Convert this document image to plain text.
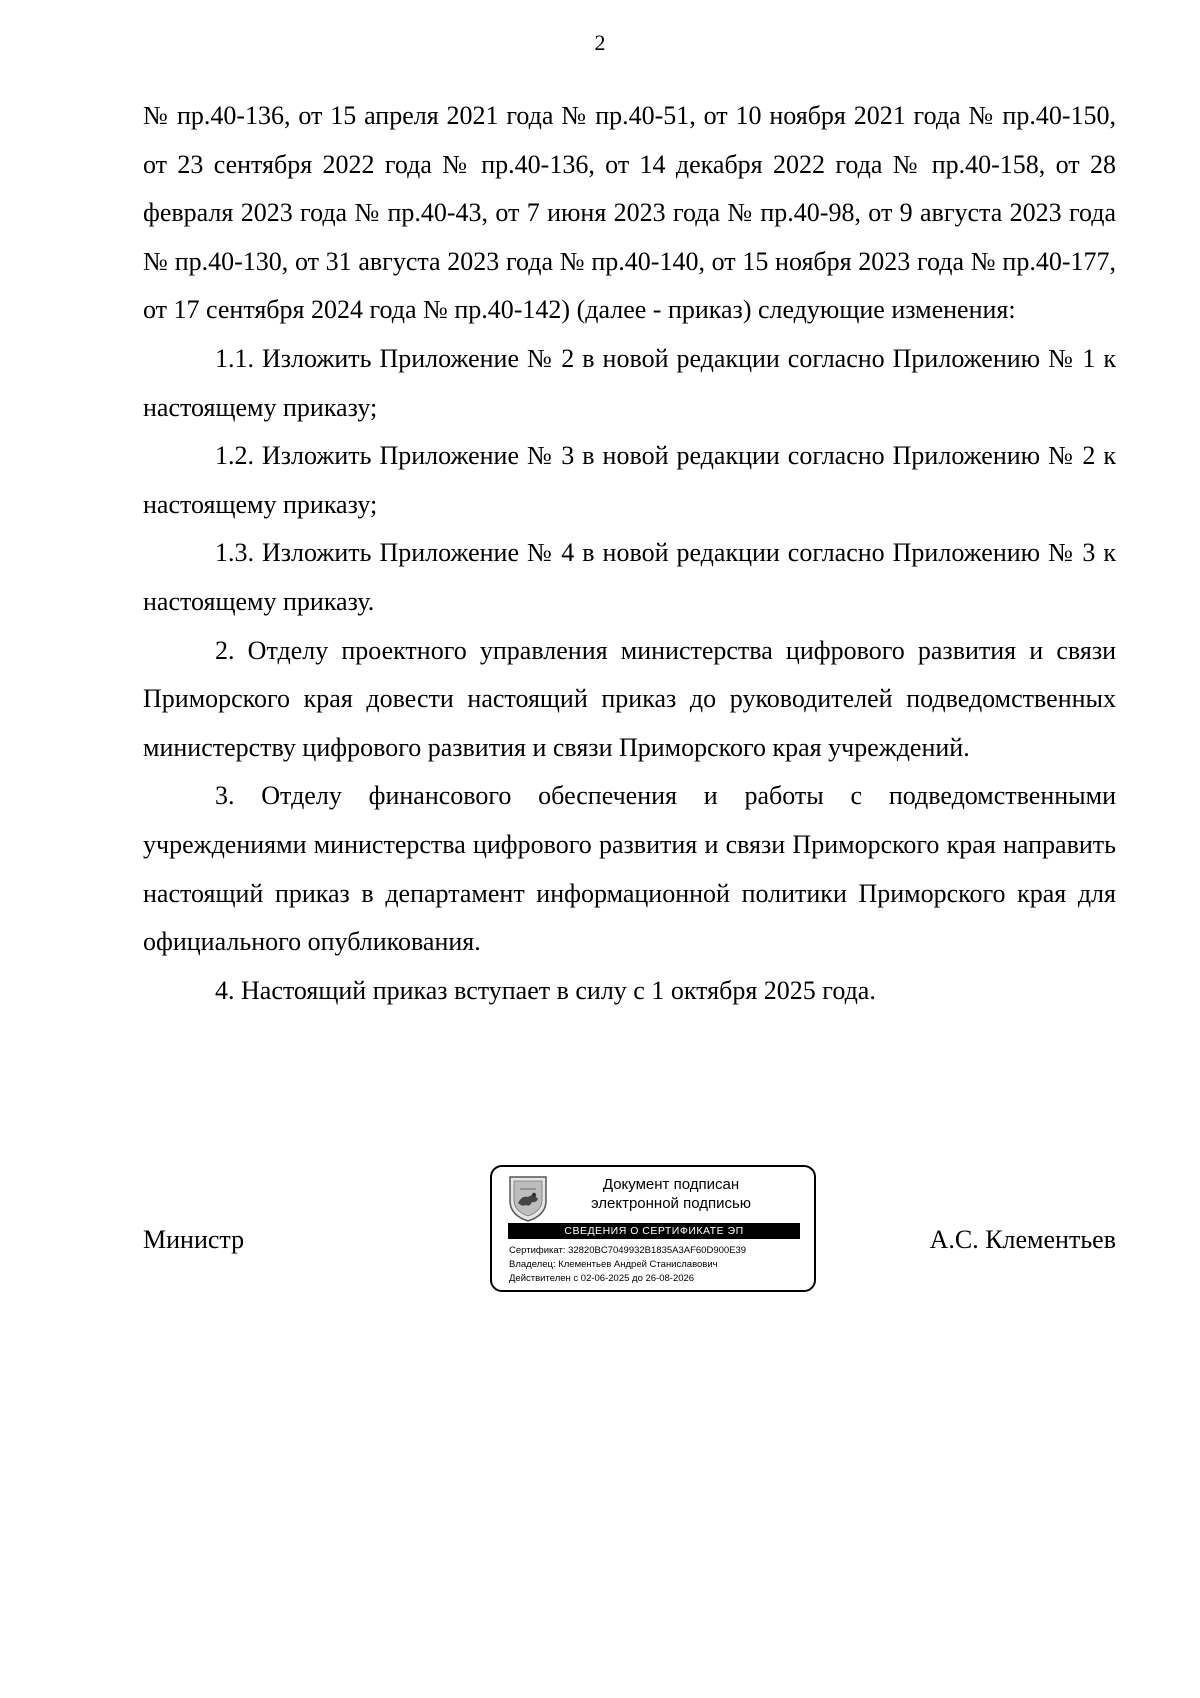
2

№ пр.40-136, от 15 апреля 2021 года № пр.40-51, от 10 ноября 2021 года № пр.40-150, от 23 сентября 2022 года № пр.40-136, от 14 декабря 2022 года № пр.40-158, от 28 февраля 2023 года № пр.40-43, от 7 июня 2023 года № пр.40-98, от 9 августа 2023 года № пр.40-130, от 31 августа 2023 года № пр.40-140, от 15 ноября 2023 года № пр.40-177, от 17 сентября 2024 года № пр.40-142) (далее - приказ) следующие изменения:

1.1. Изложить Приложение № 2 в новой редакции согласно Приложению № 1 к настоящему приказу;

1.2. Изложить Приложение № 3 в новой редакции согласно Приложению № 2 к настоящему приказу;

1.3. Изложить Приложение № 4 в новой редакции согласно Приложению № 3 к настоящему приказу.

2. Отделу проектного управления министерства цифрового развития и связи Приморского края довести настоящий приказ до руководителей подведомственных министерству цифрового развития и связи Приморского края учреждений.

3. Отделу финансового обеспечения и работы с подведомственными учреждениями министерства цифрового развития и связи Приморского края направить настоящий приказ в департамент информационной политики Приморского края для официального опубликования.

4. Настоящий приказ вступает в силу с 1 октября 2025 года.

Министр
Документ подписан
электронной подписью
СВЕДЕНИЯ О СЕРТИФИКАТЕ ЭП
Сертификат: 32820BC7049932B1835A3AF60D900E39
Владелец: Клементьев Андрей Станиславович
Действителен с 02-06-2025 до 26-08-2026
А.С. Клементьев
